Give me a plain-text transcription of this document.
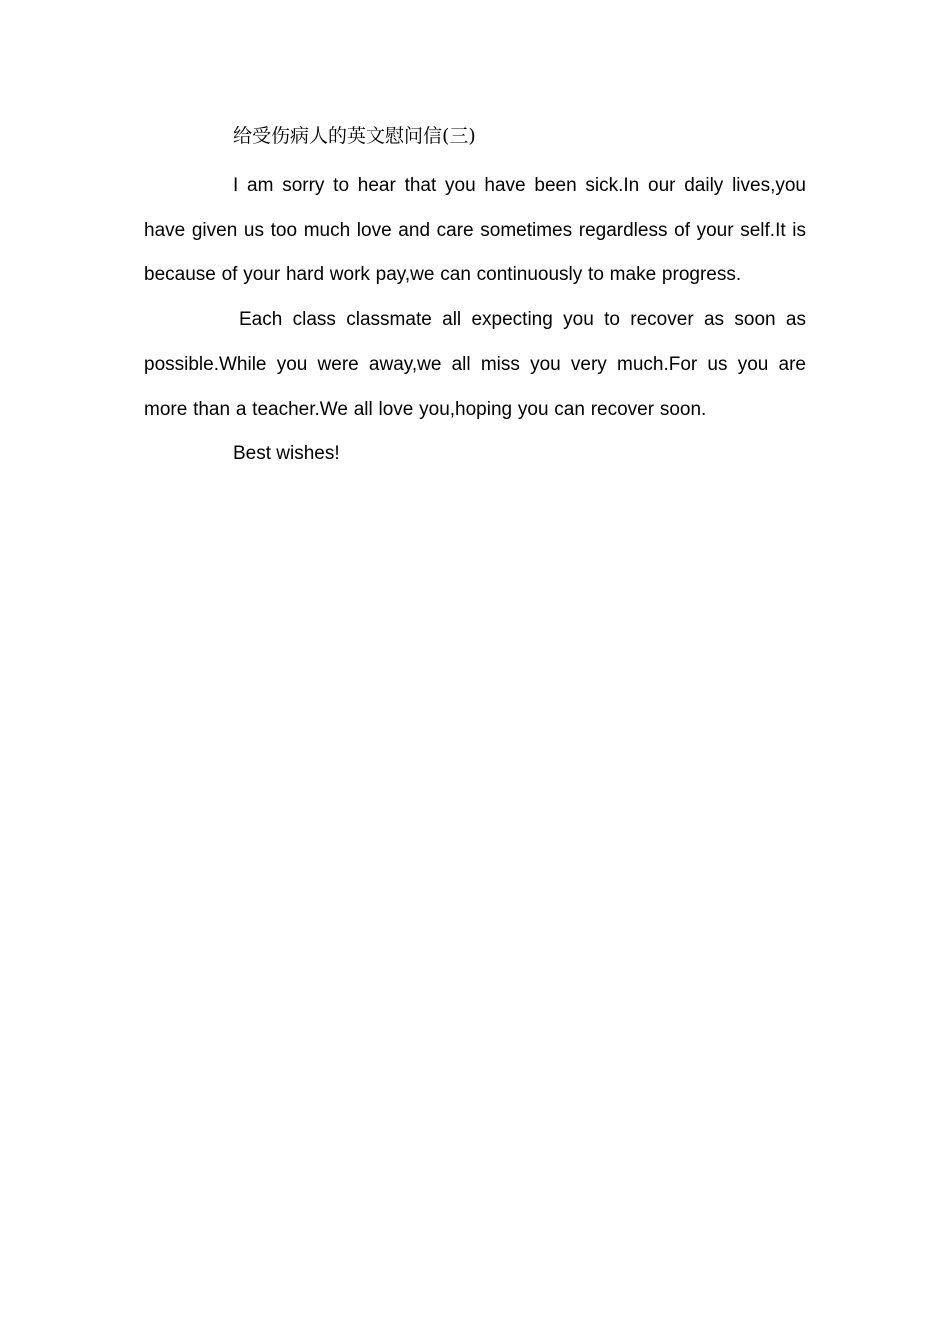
给受伤病人的英文慰问信(三)

I am sorry to hear that you have been sick.In our daily lives,you have given us too much love and care sometimes regardless of your self.It is because of your hard work pay,we can continuously to make progress.

Each class classmate all expecting you to recover as soon as possible.While you were away,we all miss you very much.For us you are more than a teacher.We all love you,hoping you can recover soon.

Best wishes!
